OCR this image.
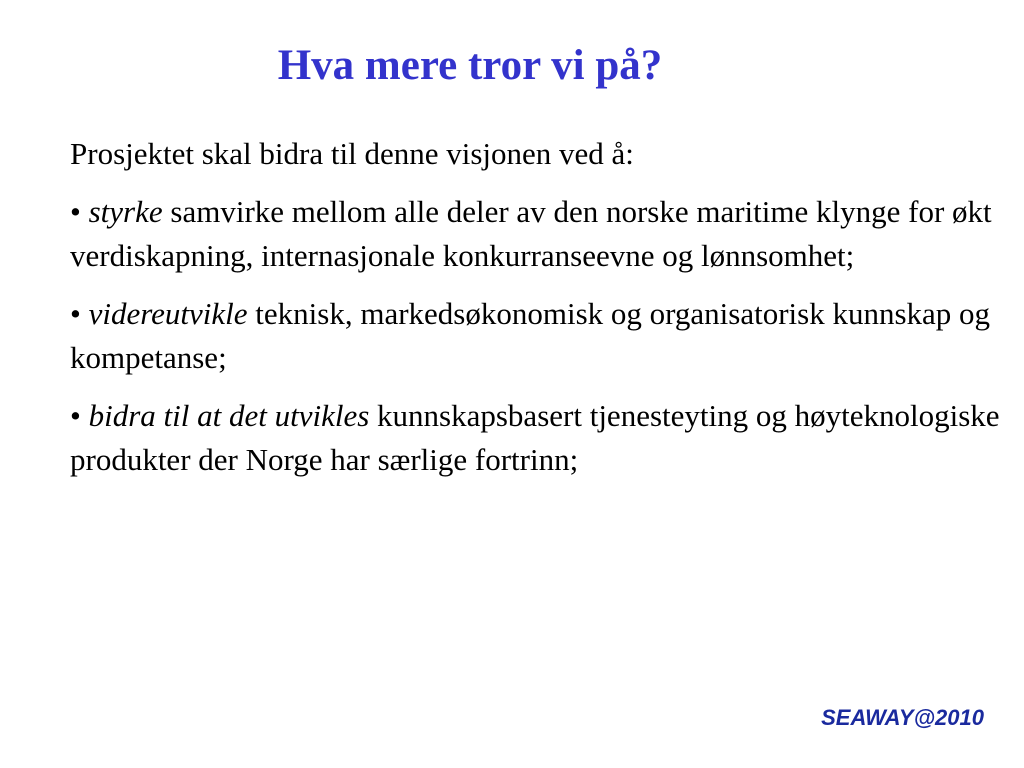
Hva mere tror vi på?

Prosjektet skal bidra til denne visjonen ved å:

• styrke samvirke mellom alle deler av den norske maritime klynge for økt verdiskapning, internasjonale konkurranseevne og lønnsomhet;

• videreutvikle teknisk, markedsøkonomisk og organisatorisk kunnskap og kompetanse;

• bidra til at det utvikles kunnskapsbasert tjenesteyting og høyteknologiske produkter der Norge har særlige fortrinn;

SEAWAY@2010
